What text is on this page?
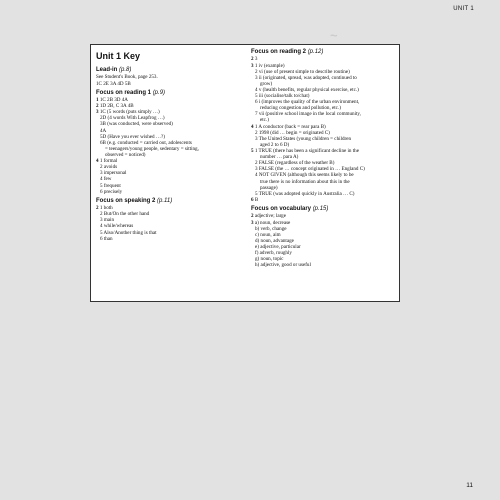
UNIT 1
~
Unit 1 Key
Lead-in (p.8)
See Student's Book, page 253.
1C 2E 3A 4D 5B
Focus on reading 1 (p.9)
1 1C 2B 3D 4A
2 1D 2B, C 3A 4B
3 1C (5 words (puts simply …)
2D (4 words With Leapfrog …)
3B (was conducted, were observed)
4A
5D (Have you ever wished …?)
6B (e.g. conducted = carried out, adolescents
= teenagers/young people, sedentary = sitting,
observed = noticed)
4 1 formal
2 avoids
3 impersonal
4 few
5 frequent
6 precisely
Focus on speaking 2 (p.11)
2 1 both
2 But/On the other hand
3 main
4 while/whereas
5 Also/Another thing is that
6 than
Focus on reading 2 (p.12)
2 3
3 1 iv (example)
2 vi (use of present simple to describe routine)
3 ii (originated, spread, was adopted, continued to
grow)
4 v (health benefits, regular physical exercise, etc.)
5 iii (socialise/talk to/chat)
6 i (improves the quality of the urban environment,
reducing congestion and pollution, etc.)
7 vii (positive school image in the local community,
etc.)
4 1 A conductor (back = rear para B)
2 1998 (did … begin = originated C)
3 The United States (young children = children
aged 2 to 6 D)
5 1 TRUE (there has been a significant decline in the
number … para A)
2 FALSE (regardless of the weather B)
3 FALSE (the … concept originated in … England C)
4 NOT GIVEN (although this seems likely to be
true there is no information about this in the
passage)
5 TRUE (was adopted quickly in Australia … C)
6 B
Focus on vocabulary (p.15)
2 adjective; large
3 a) noun, decrease
b) verb, change
c) noun, aim
d) noun, advantage
e) adjective, particular
f) adverb, roughly
g) noun, topic
h) adjective, good or useful
11
